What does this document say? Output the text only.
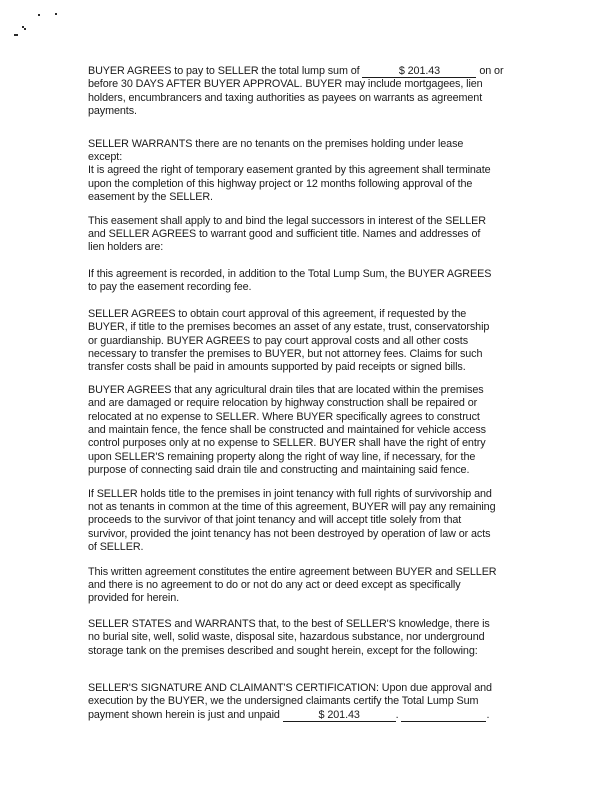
BUYER AGREES to pay to SELLER the total lump sum of	$ 201.43	on or
before 30 DAYS AFTER BUYER APPROVAL. BUYER may include mortgagees, lien
holders, encumbrancers and taxing authorities as payees on warrants as agreement
payments.
SELLER WARRANTS there are no tenants on the premises holding under lease
except:
It is agreed the right of temporary easement granted by this agreement shall terminate
upon the completion of this highway project or 12 months following approval of the
easement by the SELLER.
This easement shall apply to and bind the legal successors in interest of the SELLER
and SELLER AGREES to warrant good and sufficient title. Names and addresses of
lien holders are:
If this agreement is recorded, in addition to the Total Lump Sum, the BUYER AGREES
to pay the easement recording fee.
SELLER AGREES to obtain court approval of this agreement, if requested by the
BUYER, if title to the premises becomes an asset of any estate, trust, conservatorship
or guardianship. BUYER AGREES to pay court approval costs and all other costs
necessary to transfer the premises to BUYER, but not attorney fees. Claims for such
transfer costs shall be paid in amounts supported by paid receipts or signed bills.
BUYER AGREES that any agricultural drain tiles that are located within the premises
and are damaged or require relocation by highway construction shall be repaired or
relocated at no expense to SELLER. Where BUYER specifically agrees to construct
and maintain fence, the fence shall be constructed and maintained for vehicle access
control purposes only at no expense to SELLER. BUYER shall have the right of entry
upon SELLER'S remaining property along the right of way line, if necessary, for the
purpose of connecting said drain tile and constructing and maintaining said fence.
If SELLER holds title to the premises in joint tenancy with full rights of survivorship and
not as tenants in common at the time of this agreement, BUYER will pay any remaining
proceeds to the survivor of that joint tenancy and will accept title solely from that
survivor, provided the joint tenancy has not been destroyed by operation of law or acts
of SELLER.
This written agreement constitutes the entire agreement between BUYER and SELLER
and there is no agreement to do or not do any act or deed except as specifically
provided for herein.
SELLER STATES and WARRANTS that, to the best of SELLER'S knowledge, there is
no burial site, well, solid waste, disposal site, hazardous substance, nor underground
storage tank on the premises described and sought herein, except for the following:
SELLER'S SIGNATURE AND CLAIMANT'S CERTIFICATION: Upon due approval and
execution by the BUYER, we the undersigned claimants certify the Total Lump Sum
payment shown herein is just and unpaid	$ 201.43	.	.
